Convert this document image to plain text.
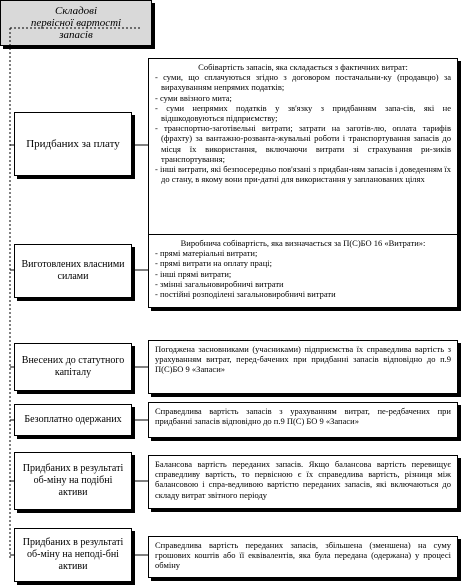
Складові
первісної вартості
запасів
Придбаних за плату
Собівартість запасів, яка складається з фактичних витрат:
- суми, що сплачуються згідно з договором постачальни-ку (продавцю) за вирахуванням непрямих податків;
- суми ввізного мита;
- суми непрямих податків у зв'язку з придбанням запа-сів, які не відшкодовуються підприємству;
- транспортно-заготівельні витрати; затрати на заготів-лю, оплата тарифів (фрахту) за вантажно-розванта-жувальні роботи і транспортування запасів до місця їх використання, включаючи витрати зі страхування ри-зиків транспортування;
- інші витрати, які безпосередньо пов'язані з придбан-ням запасів і доведенням їх до стану, в якому вони при-датні для використання у запланованих цілях
Виготовлених власними силами
Виробнича собівартість, яка визначається за П(С)БО 16 «Витрати»:
- прямі матеріальні витрати;
- прямі витрати на оплату праці;
- інші прямі витрати;
- змінні загальновиробничі витрати
- постійні розподілені загальновиробничі витрати
Внесених до статутного капіталу
Погоджена засновниками (учасниками) підприємства їх справедлива вартість з урахуванням витрат, перед-бачених при придбанні запасів відповідно до п.9 П(С)БО 9 «Запаси»
Безоплатно одержаних
Справедлива вартість запасів з урахуванням витрат, пе-редбачених при придбанні запасів відповідно до п.9 П(С) БО 9 «Запаси»
Придбаних в результаті об-міну на подібні активи
Балансова вартість переданих запасів. Якщо балансова вартість перевищує справедливу вартість, то первісною є їх справедлива вартість, різниця між балансовою і спра-ведливою вартістю переданих запасів, які включаються до складу витрат звітного періоду
Придбаних в результаті об-міну на неподі-бні активи
Справедлива вартість переданих запасів, збільшена (зменшена) на суму грошових коштів або її еквівалентів, яка була передана (одержана) у процесі обміну
